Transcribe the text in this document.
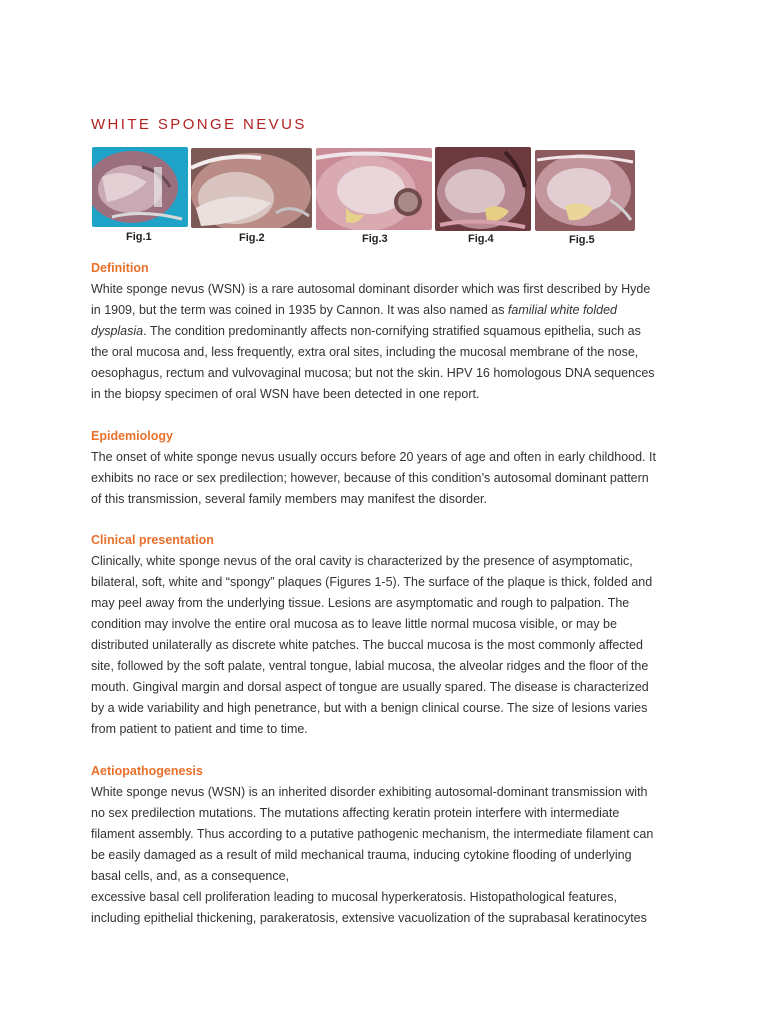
WHITE SPONGE NEVUS
Fig.1	Fig.2	Fig.3	Fig.4	Fig.5
Definition
White sponge nevus (WSN) is a rare autosomal dominant disorder which was first described by Hyde
in 1909, but the term was coined in 1935 by Cannon. It was also named as familial white folded
dysplasia. The condition predominantly affects non-cornifying stratified squamous epithelia, such as
the oral mucosa and, less frequently, extra oral sites, including the mucosal membrane of the nose,
oesophagus, rectum and vulvovaginal mucosa; but not the skin. HPV 16 homologous DNA sequences
in the biopsy specimen of oral WSN have been detected in one report.
Epidemiology
The onset of white sponge nevus usually occurs before 20 years of age and often in early childhood. It
exhibits no race or sex predilection; however, because of this condition’s autosomal dominant pattern
of this transmission, several family members may manifest the disorder.
Clinical presentation
Clinically, white sponge nevus of the oral cavity is characterized by the presence of asymptomatic,
bilateral, soft, white and “spongy” plaques (Figures 1-5). The surface of the plaque is thick, folded and
may peel away from the underlying tissue. Lesions are asymptomatic and rough to palpation. The
condition may involve the entire oral mucosa as to leave little normal mucosa visible, or may be
distributed unilaterally as discrete white patches. The buccal mucosa is the most commonly affected
site, followed by the soft palate, ventral tongue, labial mucosa, the alveolar ridges and the floor of the
mouth. Gingival margin and dorsal aspect of tongue are usually spared. The disease is characterized
by a wide variability and high penetrance, but with a benign clinical course. The size of lesions varies
from patient to patient and time to time.
Aetiopathogenesis
White sponge nevus (WSN) is an inherited disorder exhibiting autosomal-dominant transmission with
no sex predilection mutations. The mutations affecting keratin protein interfere with intermediate
filament assembly. Thus according to a putative pathogenic mechanism, the intermediate filament can
be easily damaged as a result of mild mechanical trauma, inducing cytokine flooding of underlying
basal cells, and, as a consequence,
excessive basal cell proliferation leading to mucosal hyperkeratosis. Histopathological features,
including epithelial thickening, parakeratosis, extensive vacuolization of the suprabasal keratinocytes
